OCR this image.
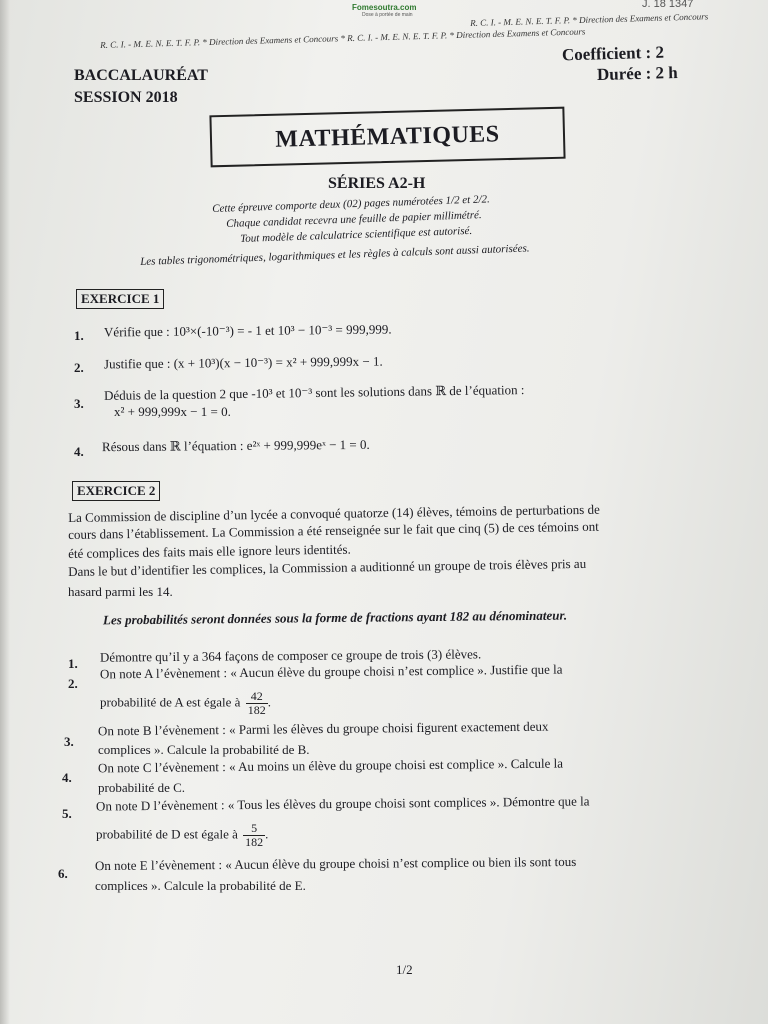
Fomesoutra.com
Dose à portée de main
J. 18 1347
R. C. I. - M. E. N. E. T. F. P. * Direction des Examens et Concours
R. C. I. - M. E. N. E. T. F. P. * Direction des Examens et Concours * R. C. I. - M. E. N. E. T. F. P. * Direction des Examens et Concours
BACCALAURÉAT
SESSION 2018
Coefficient : 2
Durée : 2 h
MATHÉMATIQUES
SÉRIES A2-H
Cette épreuve comporte deux (02) pages numérotées 1/2 et 2/2.
Chaque candidat recevra une feuille de papier millimétré.
Tout modèle de calculatrice scientifique est autorisé.
Les tables trigonométriques, logarithmiques et les règles à calculs sont aussi autorisées.
EXERCICE 1
1. Vérifie que : 10³×(-10⁻³) = - 1 et 10³ − 10⁻³ = 999,999.
2. Justifie que : (x + 10³)(x − 10⁻³) = x² + 999,999x − 1.
3.
Déduis de la question 2 que -10³ et 10⁻³ sont les solutions dans ℝ de l’équation :
x² + 999,999x − 1 = 0.
4. Résous dans ℝ l’équation : e²ˣ + 999,999eˣ − 1 = 0.
EXERCICE 2
La Commission de discipline d’un lycée a convoqué quatorze (14) élèves, témoins de perturbations de
cours dans l’établissement. La Commission a été renseignée sur le fait que cinq (5) de ces témoins ont
été complices des faits mais elle ignore leurs identités.
Dans le but d’identifier les complices, la Commission a auditionné un groupe de trois élèves pris au
hasard parmi les 14.
Les probabilités seront données sous la forme de fractions ayant 182 au dénominateur.
1. Démontre qu’il y a 364 façons de composer ce groupe de trois (3) élèves.
2.
On note A l’évènement : « Aucun élève du groupe choisi n’est complice ». Justifie que la
probabilité de A est égale à $\frac{42}{182}$ .
3.
On note B l’évènement : « Parmi les élèves du groupe choisi figurent exactement deux
complices ». Calcule la probabilité de B.
4.
On note C l’évènement : « Au moins un élève du groupe choisi est complice ». Calcule la
probabilité de C.
5. On note D l’évènement : « Tous les élèves du groupe choisi sont complices ». Démontre que la
probabilité de D est égale à $\frac{5}{182}$ .
6.
On note E l’évènement : « Aucun élève du groupe choisi n’est complice ou bien ils sont tous
complices ». Calcule la probabilité de E.
1/2
